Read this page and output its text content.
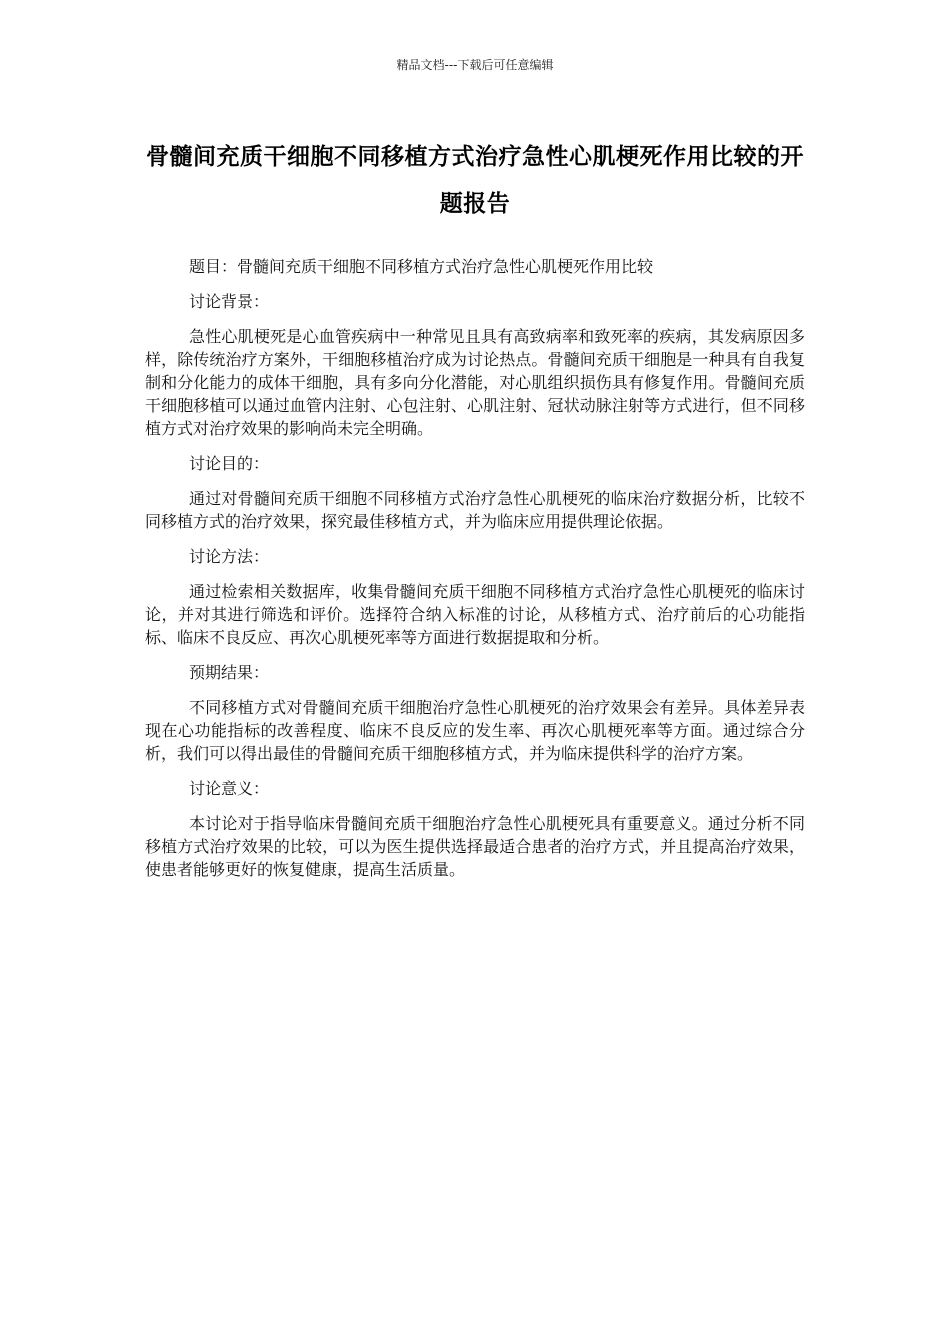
精品文档---下载后可任意编辑
骨髓间充质干细胞不同移植方式治疗急性心肌梗死作用比较的开题报告

题目：骨髓间充质干细胞不同移植方式治疗急性心肌梗死作用比较

讨论背景：

急性心肌梗死是心血管疾病中一种常见且具有高致病率和致死率的疾病，其发病原因多样，除传统治疗方案外，干细胞移植治疗成为讨论热点。骨髓间充质干细胞是一种具有自我复制和分化能力的成体干细胞，具有多向分化潜能，对心肌组织损伤具有修复作用。骨髓间充质干细胞移植可以通过血管内注射、心包注射、心肌注射、冠状动脉注射等方式进行，但不同移植方式对治疗效果的影响尚未完全明确。

讨论目的：

通过对骨髓间充质干细胞不同移植方式治疗急性心肌梗死的临床治疗数据分析，比较不同移植方式的治疗效果，探究最佳移植方式，并为临床应用提供理论依据。

讨论方法：

通过检索相关数据库，收集骨髓间充质干细胞不同移植方式治疗急性心肌梗死的临床讨论，并对其进行筛选和评价。选择符合纳入标准的讨论，从移植方式、治疗前后的心功能指标、临床不良反应、再次心肌梗死率等方面进行数据提取和分析。

预期结果：

不同移植方式对骨髓间充质干细胞治疗急性心肌梗死的治疗效果会有差异。具体差异表现在心功能指标的改善程度、临床不良反应的发生率、再次心肌梗死率等方面。通过综合分析，我们可以得出最佳的骨髓间充质干细胞移植方式，并为临床提供科学的治疗方案。

讨论意义：

本讨论对于指导临床骨髓间充质干细胞治疗急性心肌梗死具有重要意义。通过分析不同移植方式治疗效果的比较，可以为医生提供选择最适合患者的治疗方式，并且提高治疗效果，使患者能够更好的恢复健康，提高生活质量。
